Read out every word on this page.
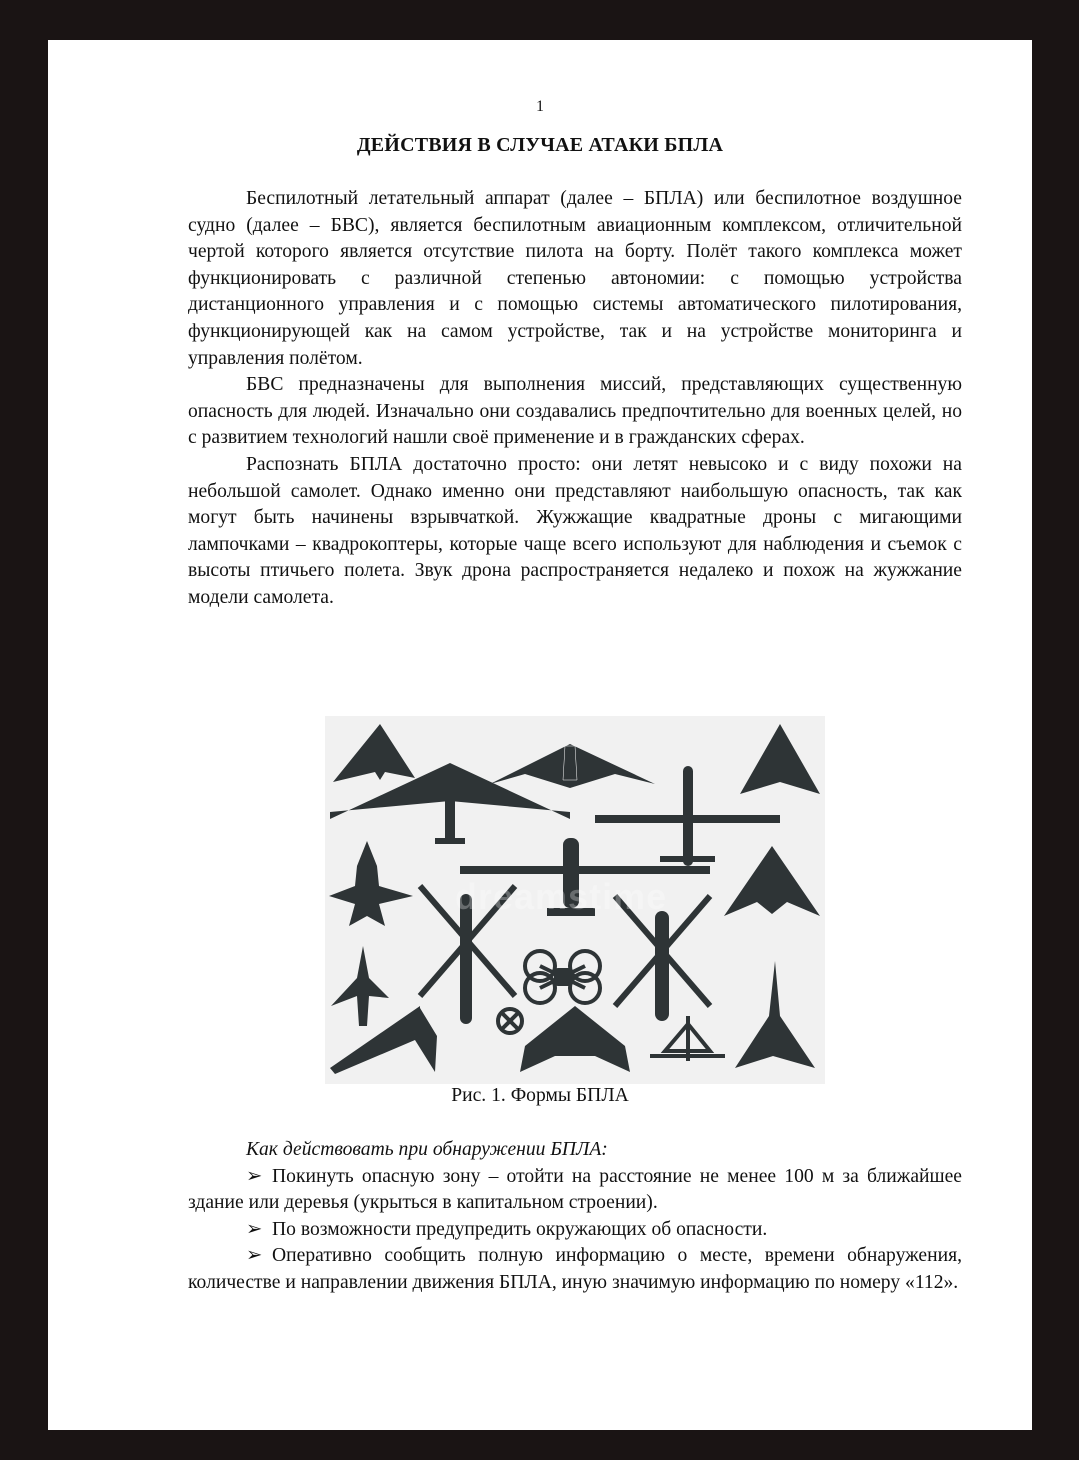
1
ДЕЙСТВИЯ В СЛУЧАЕ АТАКИ БПЛА

Беспилотный летательный аппарат (далее – БПЛА) или беспилотное воздушное судно (далее – БВС), является беспилотным авиационным комплексом, отличительной чертой которого является отсутствие пилота на борту. Полёт такого комплекса может функционировать с различной степенью автономии: с помощью устройства дистанционного управления и с помощью системы автоматического пилотирования, функционирующей как на самом устройстве, так и на устройстве мониторинга и управления полётом.

БВС предназначены для выполнения миссий, представляющих существенную опасность для людей. Изначально они создавались предпочтительно для военных целей, но с развитием технологий нашли своё применение и в гражданских сферах.

Распознать БПЛА достаточно просто: они летят невысоко и с виду похожи на небольшой самолет. Однако именно они представляют наибольшую опасность, так как могут быть начинены взрывчаткой. Жужжащие квадратные дроны с мигающими лампочками – квадрокоптеры, которые чаще всего используют для наблюдения и съемок с высоты птичьего полета. Звук дрона распространяется недалеко и похож на жужжание модели самолета.

dreamstime
Рис. 1. Формы БПЛА

Как действовать при обнаружении БПЛА:

➢ Покинуть опасную зону – отойти на расстояние не менее 100 м за ближайшее здание или деревья (укрыться в капитальном строении).

➢ По возможности предупредить окружающих об опасности.

➢ Оперативно сообщить полную информацию о месте, времени обнаружения, количестве и направлении движения БПЛА, иную значимую информацию по номеру «112».
